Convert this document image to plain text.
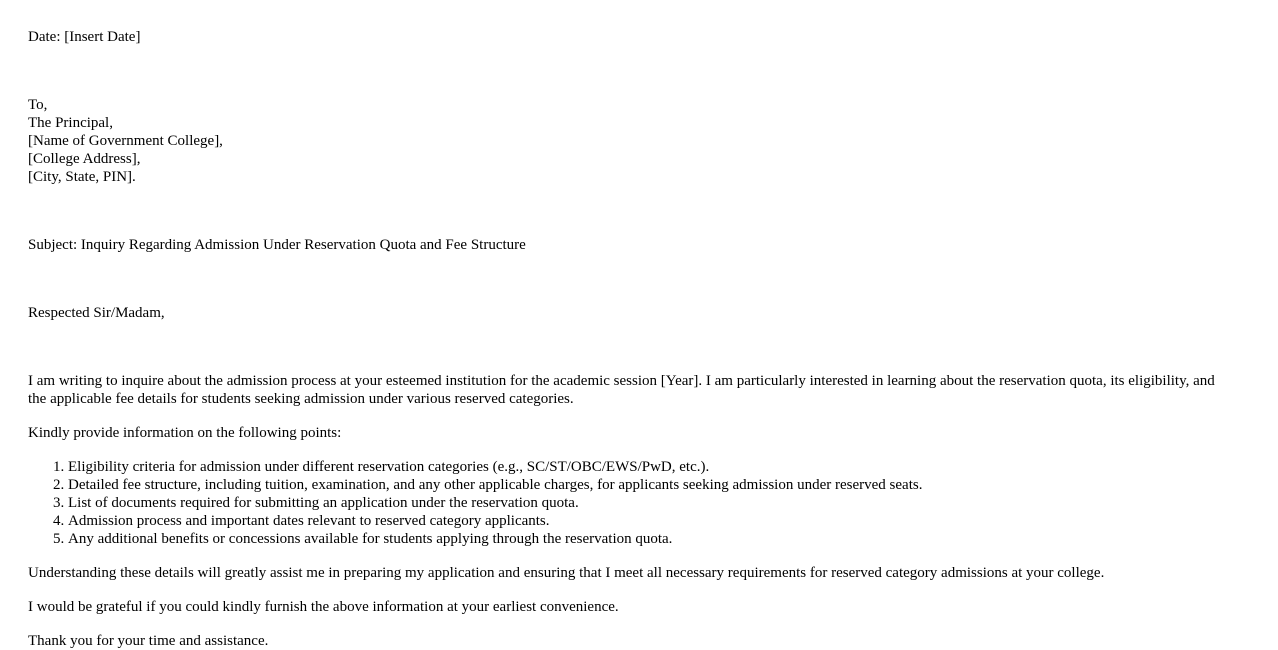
Date: [Insert Date]

To,
The Principal,
[Name of Government College],
[College Address],
[City, State, PIN].

Subject: Inquiry Regarding Admission Under Reservation Quota and Fee Structure

Respected Sir/Madam,

I am writing to inquire about the admission process at your esteemed institution for the academic session [Year]. I am particularly interested in learning about the reservation quota, its eligibility, and the applicable fee details for students seeking admission under various reserved categories.

Kindly provide information on the following points:

1. Eligibility criteria for admission under different reservation categories (e.g., SC/ST/OBC/EWS/PwD, etc.).
2. Detailed fee structure, including tuition, examination, and any other applicable charges, for applicants seeking admission under reserved seats.
3. List of documents required for submitting an application under the reservation quota.
4. Admission process and important dates relevant to reserved category applicants.
5. Any additional benefits or concessions available for students applying through the reservation quota.

Understanding these details will greatly assist me in preparing my application and ensuring that I meet all necessary requirements for reserved category admissions at your college.

I would be grateful if you could kindly furnish the above information at your earliest convenience.

Thank you for your time and assistance.
